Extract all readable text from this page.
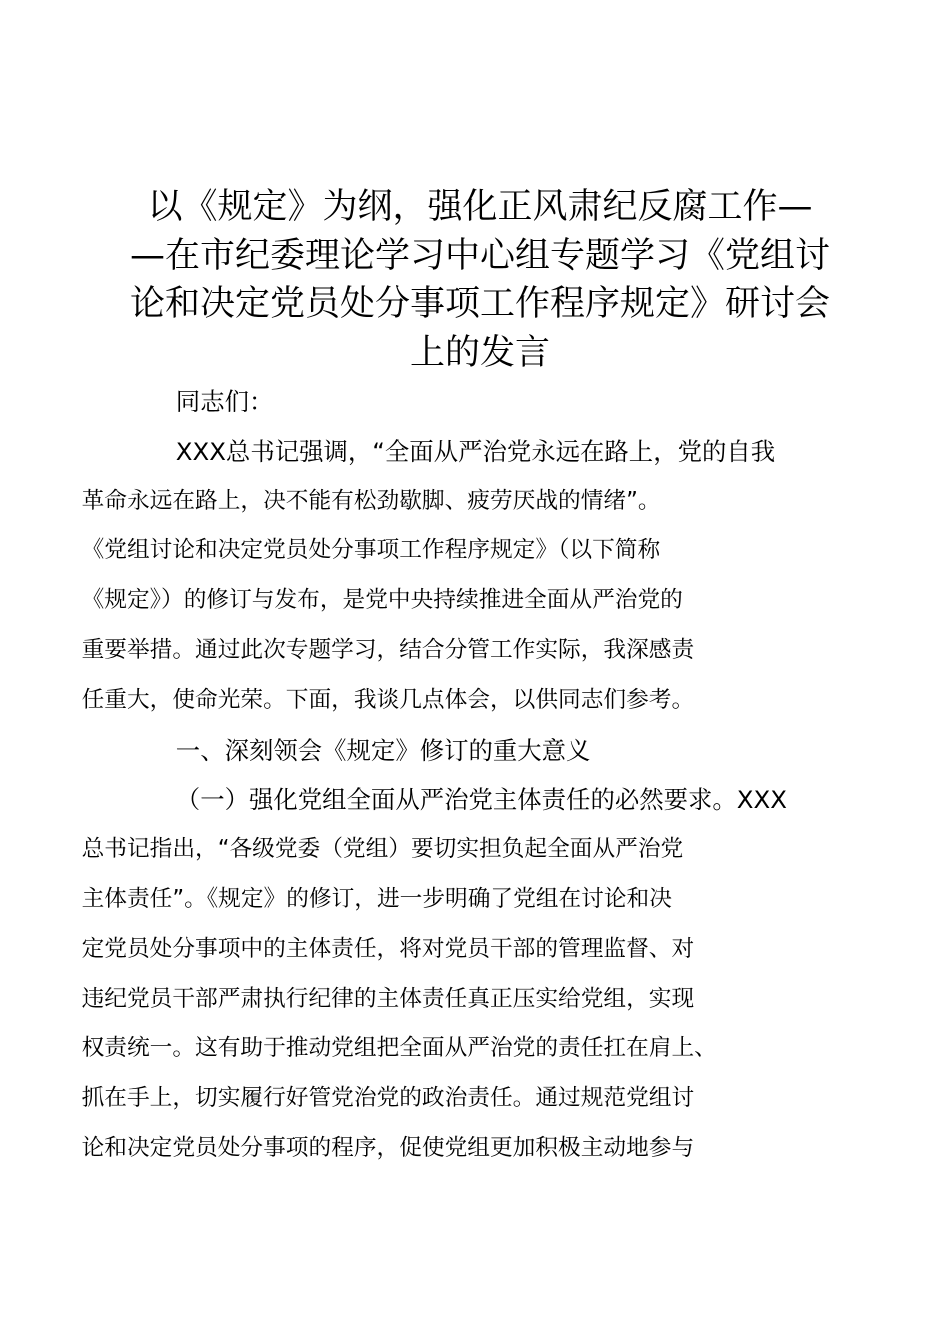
以《规定》为纲，强化正风肃纪反腐工作—
—在市纪委理论学习中心组专题学习《党组讨
论和决定党员处分事项工作程序规定》研讨会
上的发言

同志们：

XXX总书记强调，“全面从严治党永远在路上，党的自我
革命永远在路上，决不能有松劲歇脚、疲劳厌战的情绪”。
《党组讨论和决定党员处分事项工作程序规定》（以下简称
《规定》）的修订与发布，是党中央持续推进全面从严治党的
重要举措。通过此次专题学习，结合分管工作实际，我深感责
任重大，使命光荣。下面，我谈几点体会，以供同志们参考。

一、深刻领会《规定》修订的重大意义

（一）强化党组全面从严治党主体责任的必然要求。XXX
总书记指出，“各级党委（党组）要切实担负起全面从严治党
主体责任”。《规定》的修订，进一步明确了党组在讨论和决
定党员处分事项中的主体责任，将对党员干部的管理监督、对
违纪党员干部严肃执行纪律的主体责任真正压实给党组，实现
权责统一。这有助于推动党组把全面从严治党的责任扛在肩上、
抓在手上，切实履行好管党治党的政治责任。通过规范党组讨
论和决定党员处分事项的程序，促使党组更加积极主动地参与
